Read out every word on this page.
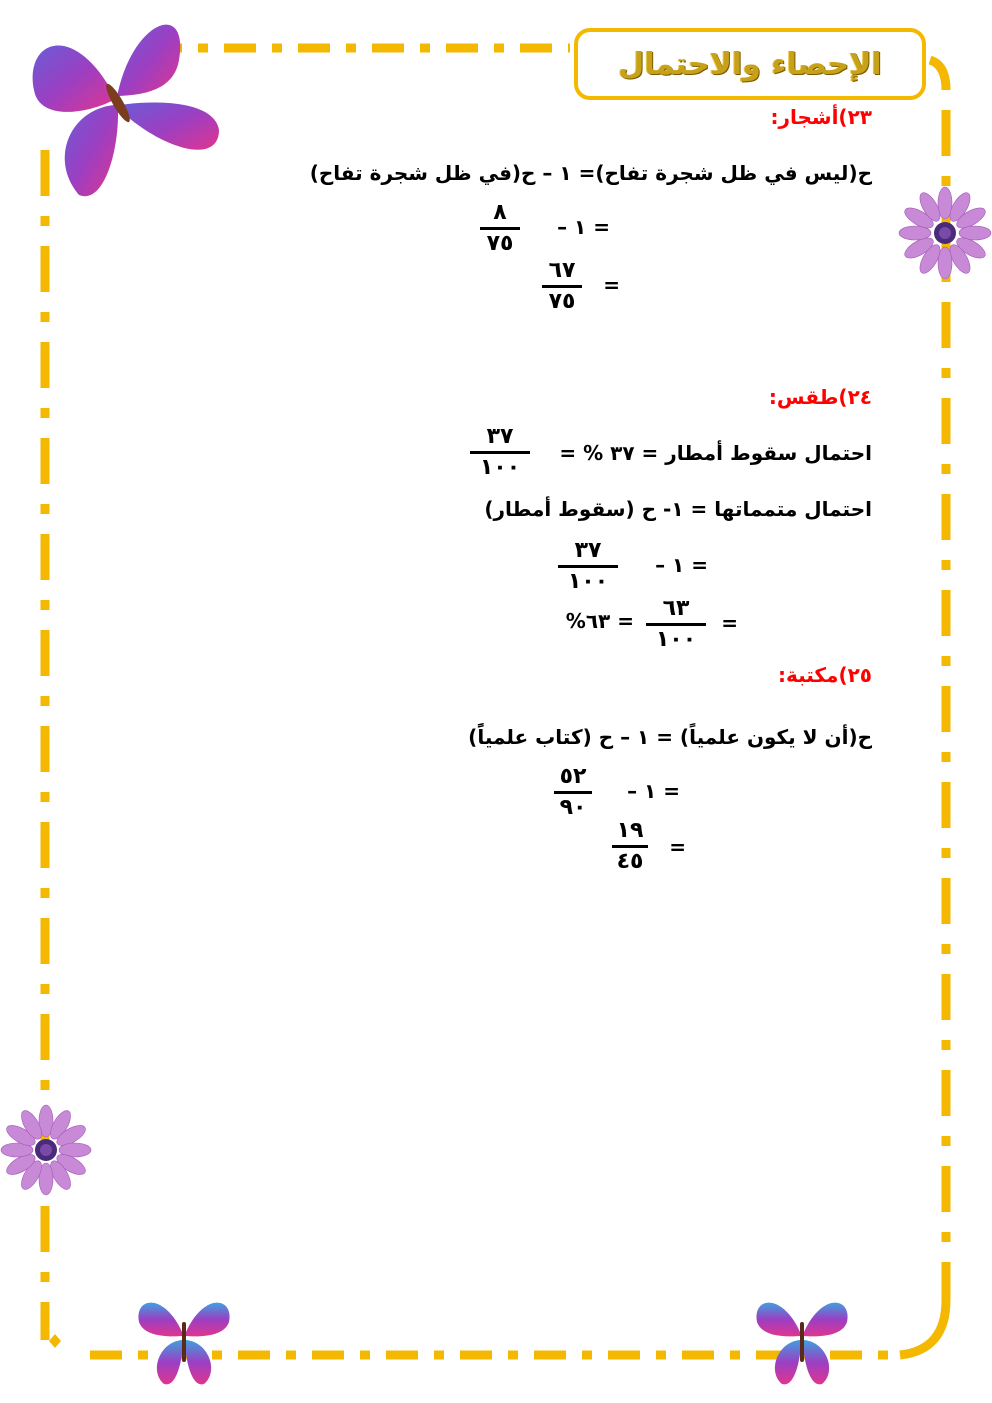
الإحصاء والاحتمال
٢٣)أشجار:
ح(ليس في ظل شجرة تفاح)= ١ – ح(في ظل شجرة تفاح)
= ١ –
٨
٧٥
=
٦٧
٧٥
٢٤)طقس:
احتمال سقوط أمطار = ٣٧ % =
٣٧
١٠٠
احتمال متمماتها = ١- ح (سقوط أمطار)
= ١ –
٣٧
١٠٠
=
٦٣
١٠٠
= ٦٣%
٢٥)مكتبة:
ح(أن لا يكون علمياً) = ١ – ح (كتاب علمياًً)
= ١ –
٥٢
٩٠
=
١٩
٤٥
